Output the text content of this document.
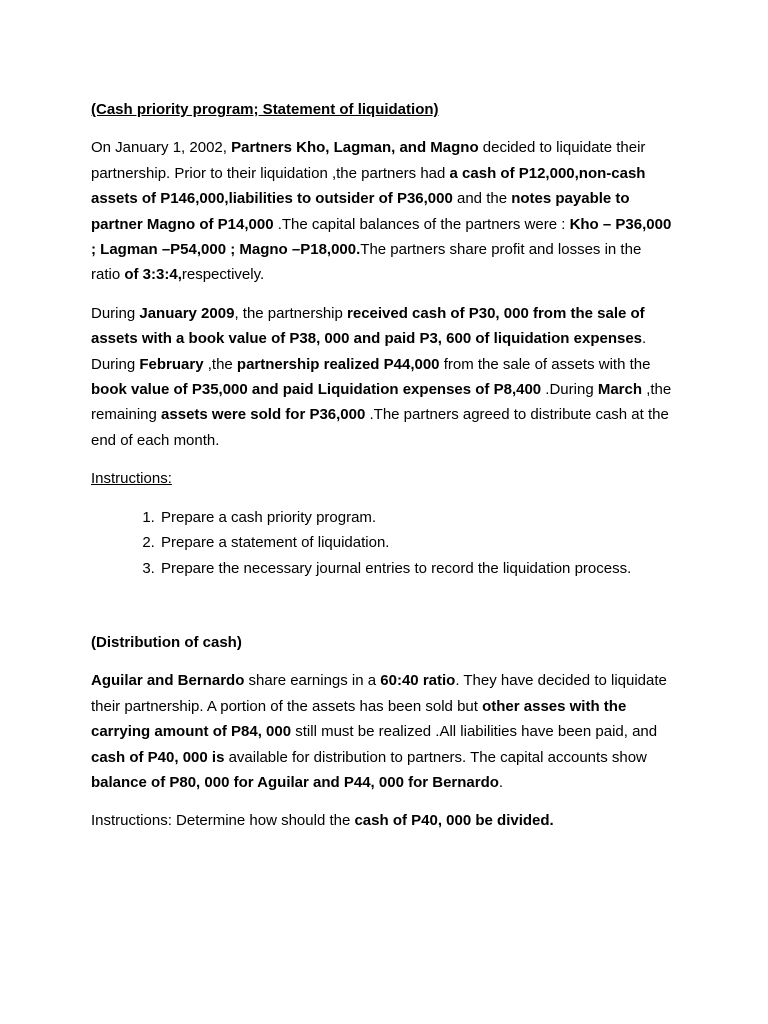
(Cash priority program; Statement of liquidation)

On January 1, 2002, Partners Kho, Lagman, and Magno decided to liquidate their partnership. Prior to their liquidation ,the partners had a cash of P12,000,non-cash assets of P146,000,liabilities to outsider of P36,000 and the notes payable to partner Magno of P14,000 .The capital balances of the partners were : Kho – P36,000 ; Lagman –P54,000 ; Magno –P18,000.The partners share profit and losses in the ratio of 3:3:4,respectively.

During January 2009, the partnership received cash of P30, 000 from the sale of assets with a book value of P38, 000 and paid P3, 600 of liquidation expenses. During February ,the partnership realized P44,000 from the sale of assets with the book value of P35,000 and paid Liquidation expenses of P8,400 .During March ,the remaining assets were sold for P36,000 .The partners agreed to distribute cash at the end of each month.

Instructions:

1. Prepare a cash priority program.
2. Prepare a statement of liquidation.
3. Prepare the necessary journal entries to record the liquidation process.

(Distribution of cash)

Aguilar and Bernardo share earnings in a 60:40 ratio. They have decided to liquidate their partnership. A portion of the assets has been sold but other asses with the carrying amount of P84, 000 still must be realized .All liabilities have been paid, and cash of P40, 000 is available for distribution to partners. The capital accounts show balance of P80, 000 for Aguilar and P44, 000 for Bernardo.

Instructions: Determine how should the cash of P40, 000 be divided.
